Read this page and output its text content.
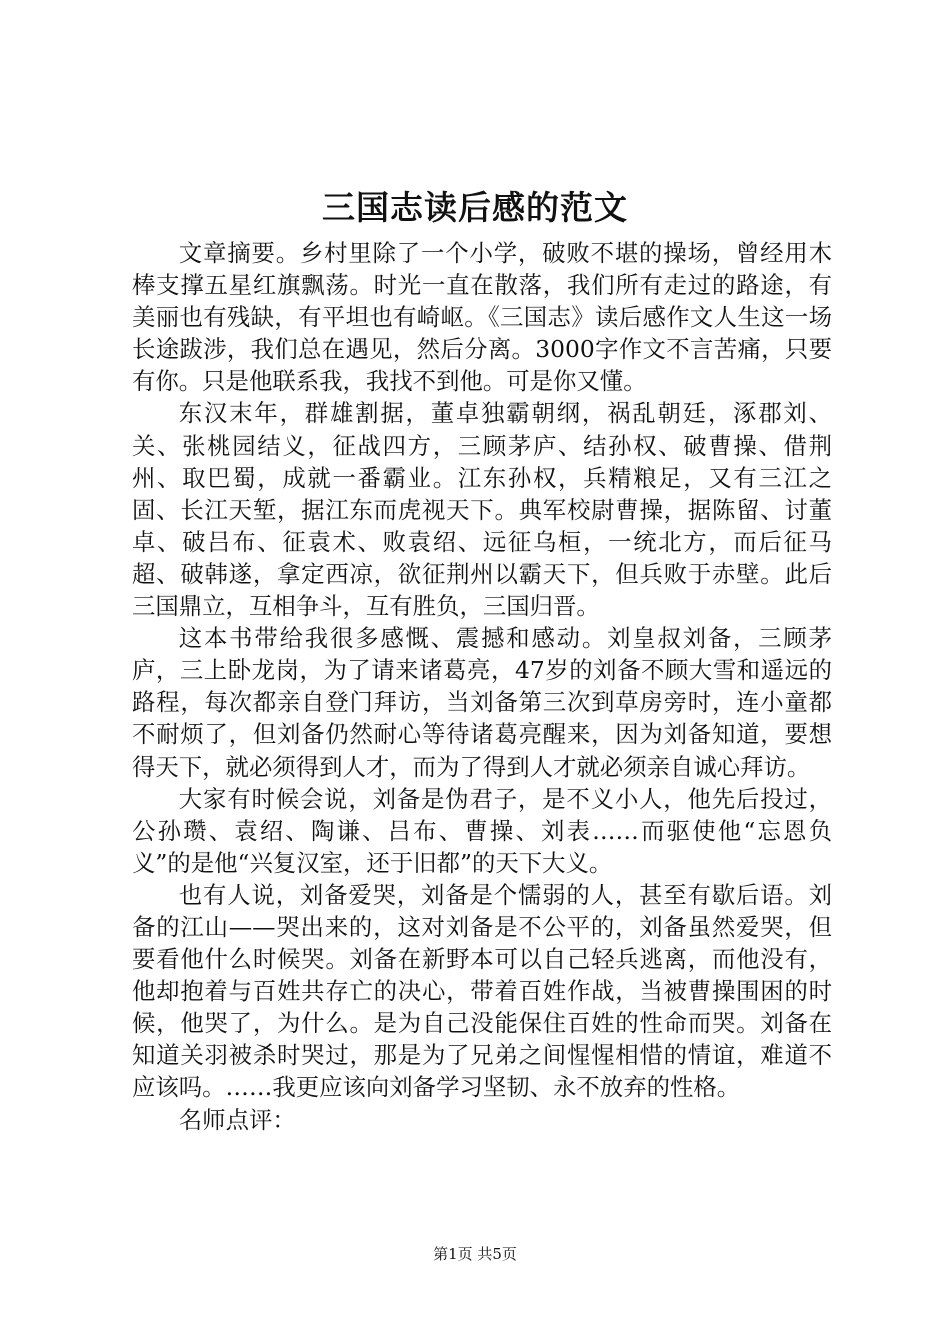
三国志读后感的范文

文章摘要。乡村里除了一个小学，破败不堪的操场，曾经用木棒支撑五星红旗飘荡。时光一直在散落，我们所有走过的路途，有美丽也有残缺，有平坦也有崎岖。《三国志》读后感作文人生这一场长途跋涉，我们总在遇见，然后分离。3000字作文不言苦痛，只要有你。只是他联系我，我找不到他。可是你又懂。

东汉末年，群雄割据，董卓独霸朝纲，祸乱朝廷，涿郡刘、关、张桃园结义，征战四方，三顾茅庐、结孙权、破曹操、借荆州、取巴蜀，成就一番霸业。江东孙权，兵精粮足，又有三江之固、长江天堑，据江东而虎视天下。典军校尉曹操，据陈留、讨董卓、破吕布、征袁术、败袁绍、远征乌桓，一统北方，而后征马超、破韩遂，拿定西凉，欲征荆州以霸天下，但兵败于赤壁。此后三国鼎立，互相争斗，互有胜负，三国归晋。

这本书带给我很多感慨、震撼和感动。刘皇叔刘备，三顾茅庐，三上卧龙岗，为了请来诸葛亮，47岁的刘备不顾大雪和遥远的路程，每次都亲自登门拜访，当刘备第三次到草房旁时，连小童都不耐烦了，但刘备仍然耐心等待诸葛亮醒来，因为刘备知道，要想得天下，就必须得到人才，而为了得到人才就必须亲自诚心拜访。

大家有时候会说，刘备是伪君子，是不义小人，他先后投过，公孙瓒、袁绍、陶谦、吕布、曹操、刘表……而驱使他“忘恩负义”的是他“兴复汉室，还于旧都”的天下大义。

也有人说，刘备爱哭，刘备是个懦弱的人，甚至有歇后语。刘备的江山——哭出来的，这对刘备是不公平的，刘备虽然爱哭，但要看他什么时候哭。刘备在新野本可以自己轻兵逃离，而他没有，他却抱着与百姓共存亡的决心，带着百姓作战，当被曹操围困的时候，他哭了，为什么。是为自己没能保住百姓的性命而哭。刘备在知道关羽被杀时哭过，那是为了兄弟之间惺惺相惜的情谊，难道不应该吗。……我更应该向刘备学习坚韧、永不放弃的性格。

名师点评：

第1页 共5页
